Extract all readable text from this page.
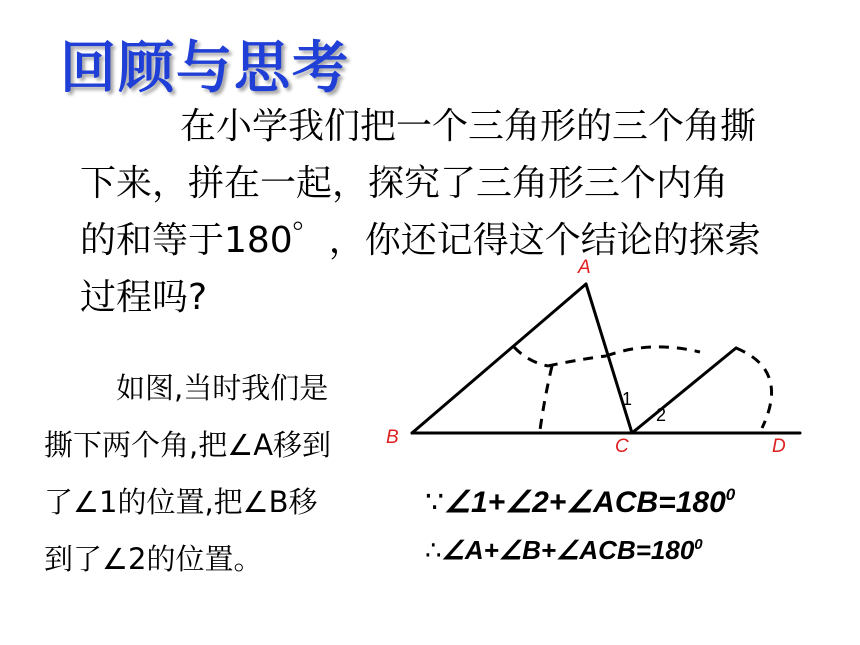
回顾与思考
在小学我们把一个三角形的三个角撕
下来，拼在一起，探究了三角形三个内角
的和等于180゜，你还记得这个结论的探索
过程吗?
如图,当时我们是
撕下两个角,把∠A移到
了∠1的位置,把∠B移
到了∠2的位置。
A
B	C	D
1
2
$\because\angle 1+\angle 2+\angle ACB=180^0$
$\therefore\angle A+\angle B+\angle ACB=180^0$
